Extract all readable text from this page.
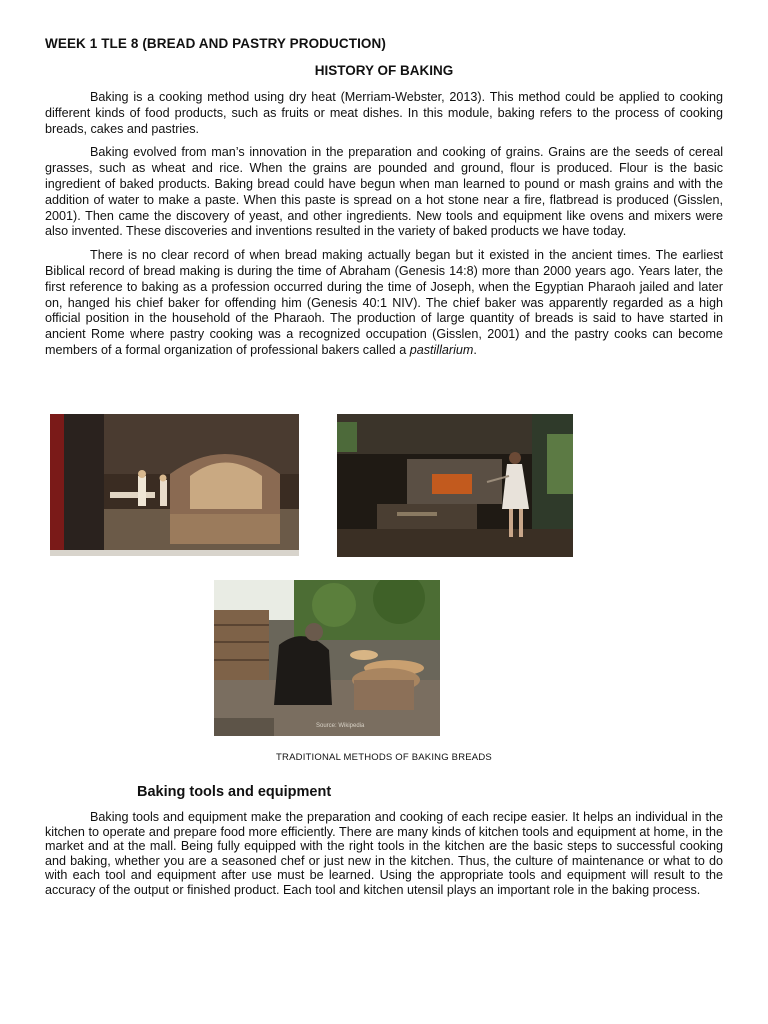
WEEK 1 TLE 8 (BREAD AND PASTRY PRODUCTION)
HISTORY OF BAKING

Baking is a cooking method using dry heat (Merriam-Webster, 2013). This method could be applied to cooking different kinds of food products, such as fruits or meat dishes. In this module, baking refers to the process of cooking breads, cakes and pastries.

Baking evolved from man’s innovation in the preparation and cooking of grains. Grains are the seeds of cereal grasses, such as wheat and rice. When the grains are pounded and ground, flour is produced. Flour is the basic ingredient of baked products. Baking bread could have begun when man learned to pound or mash grains and with the addition of water to make a paste. When this paste is spread on a hot stone near a fire, flatbread is produced (Gisslen, 2001). Then came the discovery of yeast, and other ingredients. New tools and equipment like ovens and mixers were also invented. These discoveries and inventions resulted in the variety of baked products we have today.

There is no clear record of when bread making actually began but it existed in the ancient times. The earliest Biblical record of bread making is during the time of Abraham (Genesis 14:8) more than 2000 years ago. Years later, the first reference to baking as a profession occurred during the time of Joseph, when the Egyptian Pharaoh jailed and later on, hanged his chief baker for offending him (Genesis 40:1 NIV). The chief baker was apparently regarded as a high official position in the household of the Pharaoh. The production of large quantity of breads is said to have started in ancient Rome where pastry cooking was a recognized occupation (Gisslen, 2001) and the pastry cooks can become members of a formal organization of professional bakers called a pastillarium.

Source: Wikipedia
TRADITIONAL METHODS OF BAKING BREADS
Baking tools and equipment

Baking tools and equipment make the preparation and cooking of each recipe easier. It helps an individual in the kitchen to operate and prepare food more efficiently. There are many kinds of kitchen tools and equipment at home, in the market and at the mall. Being fully equipped with the right tools in the kitchen are the basic steps to successful cooking and baking, whether you are a seasoned chef or just new in the kitchen. Thus, the culture of maintenance or what to do with each tool and equipment after use must be learned. Using the appropriate tools and equipment will result to the accuracy of the output or finished product. Each tool and kitchen utensil plays an important role in the baking process.
